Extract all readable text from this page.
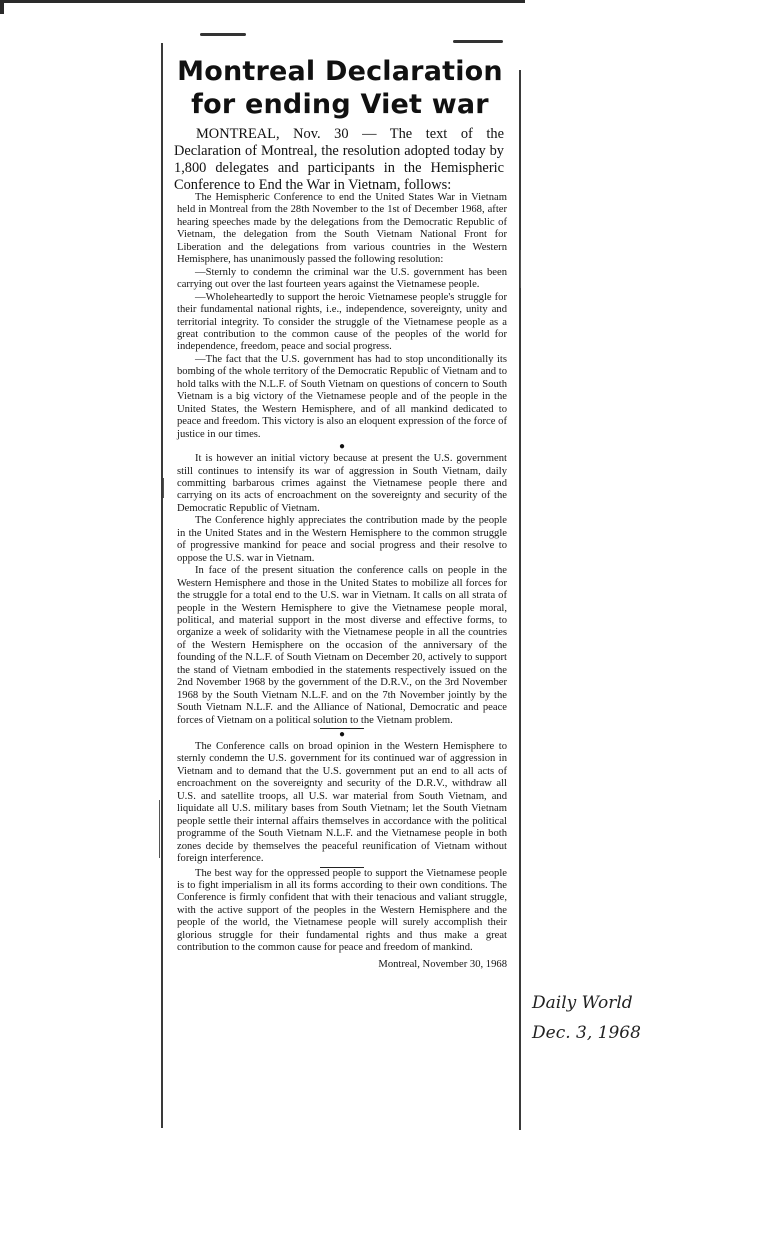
Montreal Declaration
for ending Viet war

MONTREAL, Nov. 30 — The text of the Declaration of Montreal, the resolution adopted today by 1,800 delegates and participants in the Hemispheric Conference to End the War in Vietnam, follows:

The Hemispheric Conference to end the United States War in Vietnam held in Montreal from the 28th November to the 1st of December 1968, after hearing speeches made by the delegations from the Democratic Republic of Vietnam, the delegation from the South Vietnam National Front for Liberation and the delegations from various countries in the Western Hemisphere, has unanimously passed the following resolution:

—Sternly to condemn the criminal war the U.S. government has been carrying out over the last fourteen years against the Vietnamese people.

—Wholeheartedly to support the heroic Vietnamese people's struggle for their fundamental national rights, i.e., independence, sovereignty, unity and territorial integrity. To consider the struggle of the Vietnamese people as a great contribution to the common cause of the peoples of the world for independence, freedom, peace and social progress.

—The fact that the U.S. government has had to stop unconditionally its bombing of the whole territory of the Democratic Republic of Vietnam and to hold talks with the N.L.F. of South Vietnam on questions of concern to South Vietnam is a big victory of the Vietnamese people and of the people in the United States, the Western Hemisphere, and of all mankind dedicated to peace and freedom. This victory is also an eloquent expression of the force of justice in our times.

●

It is however an initial victory because at present the U.S. government still continues to intensify its war of aggression in South Vietnam, daily committing barbarous crimes against the Vietnamese people there and carrying on its acts of encroachment on the sovereignty and security of the Democratic Republic of Vietnam.

The Conference highly appreciates the contribution made by the people in the United States and in the Western Hemisphere to the common struggle of progressive mankind for peace and social progress and their resolve to oppose the U.S. war in Vietnam.

In face of the present situation the conference calls on people in the Western Hemisphere and those in the United States to mobilize all forces for the struggle for a total end to the U.S. war in Vietnam. It calls on all strata of people in the Western Hemisphere to give the Vietnamese people moral, political, and material support in the most diverse and effective forms, to organize a week of solidarity with the Vietnamese people in all the countries of the Western Hemisphere on the occasion of the anniversary of the founding of the N.L.F. of South Vietnam on December 20, actively to support the stand of Vietnam embodied in the statements respectively issued on the 2nd November 1968 by the government of the D.R.V., on the 3rd November 1968 by the South Vietnam N.L.F. and on the 7th November jointly by the South Vietnam N.L.F. and the Alliance of National, Democratic and peace forces of Vietnam on a political solution to the Vietnam problem.

●

The Conference calls on broad opinion in the Western Hemisphere to sternly condemn the U.S. government for its continued war of aggression in Vietnam and to demand that the U.S. government put an end to all acts of encroachment on the sovereignty and security of the D.R.V., withdraw all U.S. and satellite troops, all U.S. war material from South Vietnam, and liquidate all U.S. military bases from South Vietnam; let the South Vietnam people settle their internal affairs themselves in accordance with the political programme of the South Vietnam N.L.F. and the Vietnamese people in both zones decide by themselves the peaceful reunification of Vietnam without foreign interference.

The best way for the oppressed people to support the Vietnamese people is to fight imperialism in all its forms according to their own conditions. The Conference is firmly confident that with their tenacious and valiant struggle, with the active support of the peoples in the Western Hemisphere and the people of the world, the Vietnamese people will surely accomplish their glorious struggle for their fundamental rights and thus make a great contribution to the common cause for peace and freedom of mankind.

Montreal, November 30, 1968

Daily World
Dec. 3, 1968
